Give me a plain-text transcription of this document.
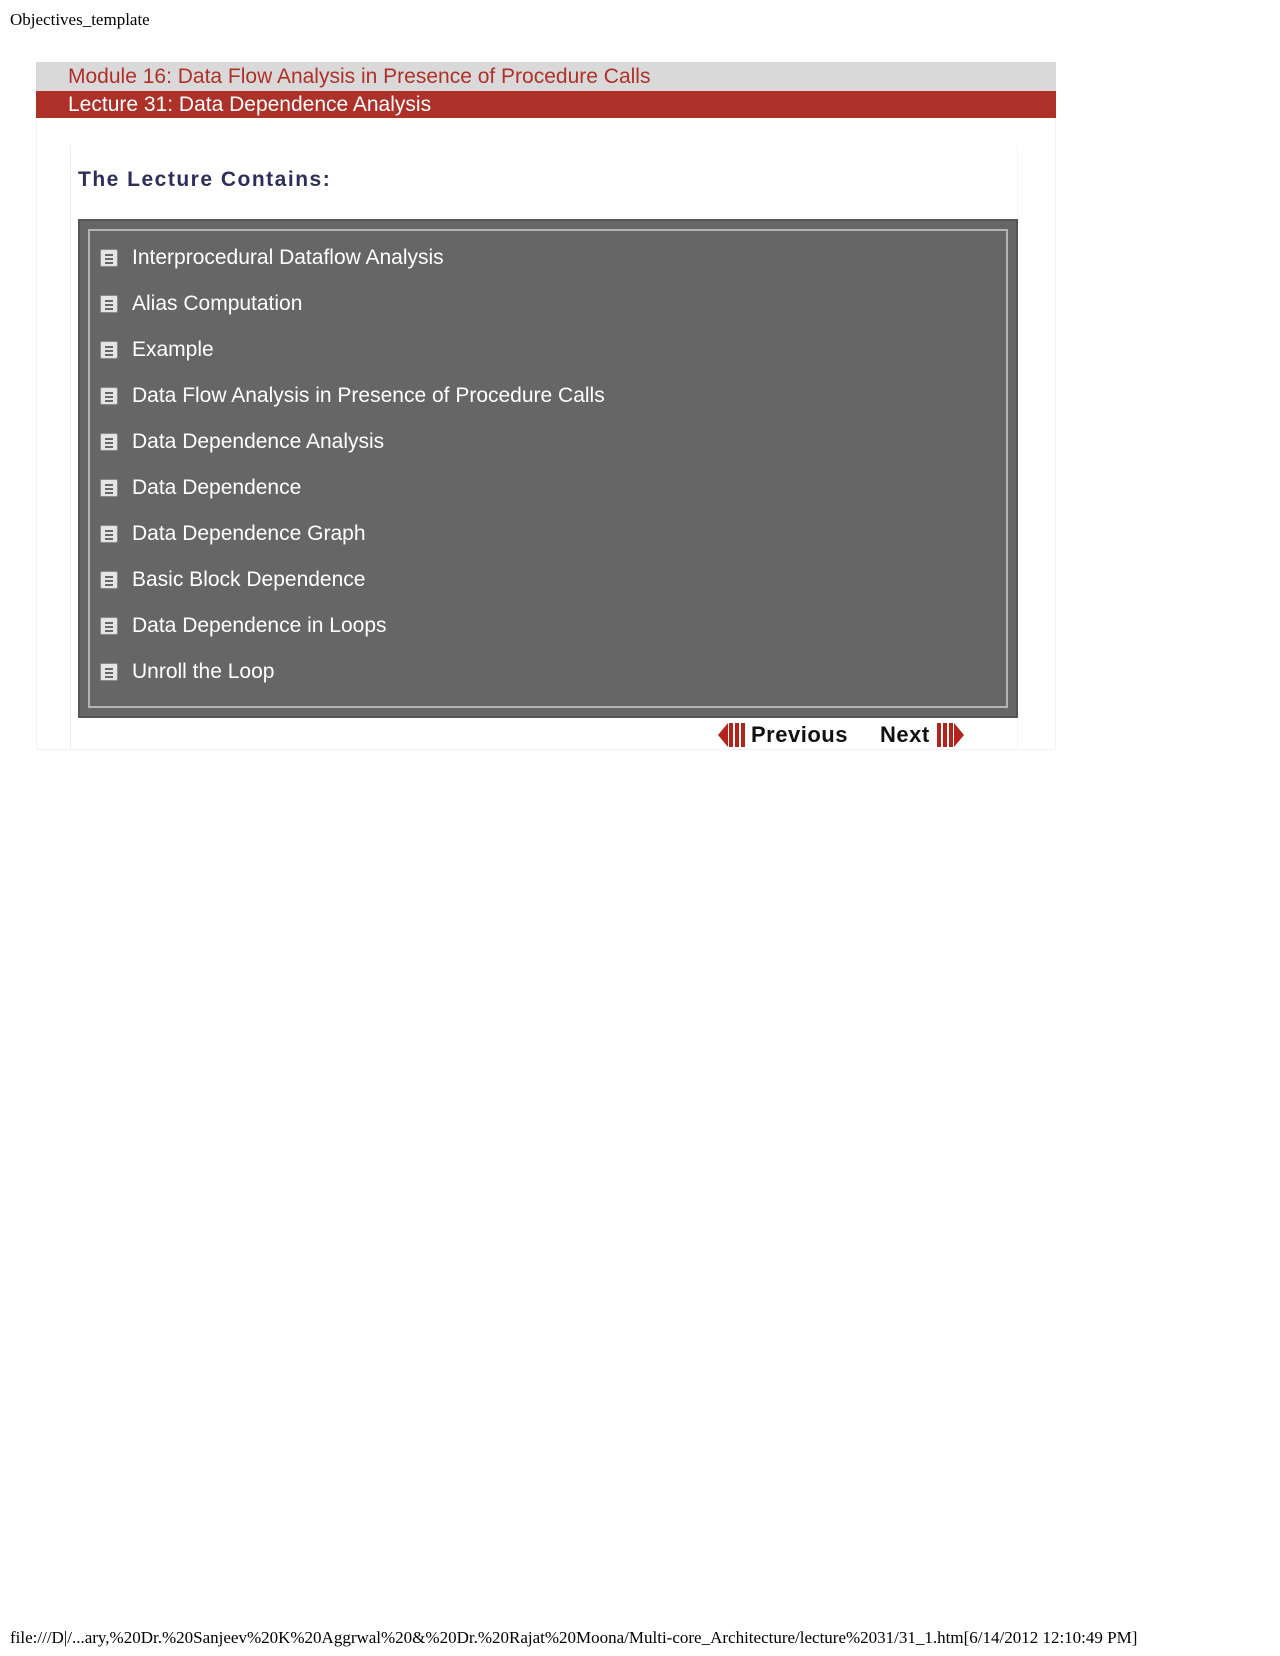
Objectives_template
Module 16: Data Flow Analysis in Presence of Procedure Calls
Lecture 31: Data Dependence Analysis
The Lecture Contains:
Interprocedural Dataflow Analysis
Alias Computation
Example
Data Flow Analysis in Presence of Procedure Calls
Data Dependence Analysis
Data Dependence
Data Dependence Graph
Basic Block Dependence
Data Dependence in Loops
Unroll the Loop
Previous Next
file:///D|/...ary,%20Dr.%20Sanjeev%20K%20Aggrwal%20&%20Dr.%20Rajat%20Moona/Multi-core_Architecture/lecture%2031/31_1.htm[6/14/2012 12:10:49 PM]
